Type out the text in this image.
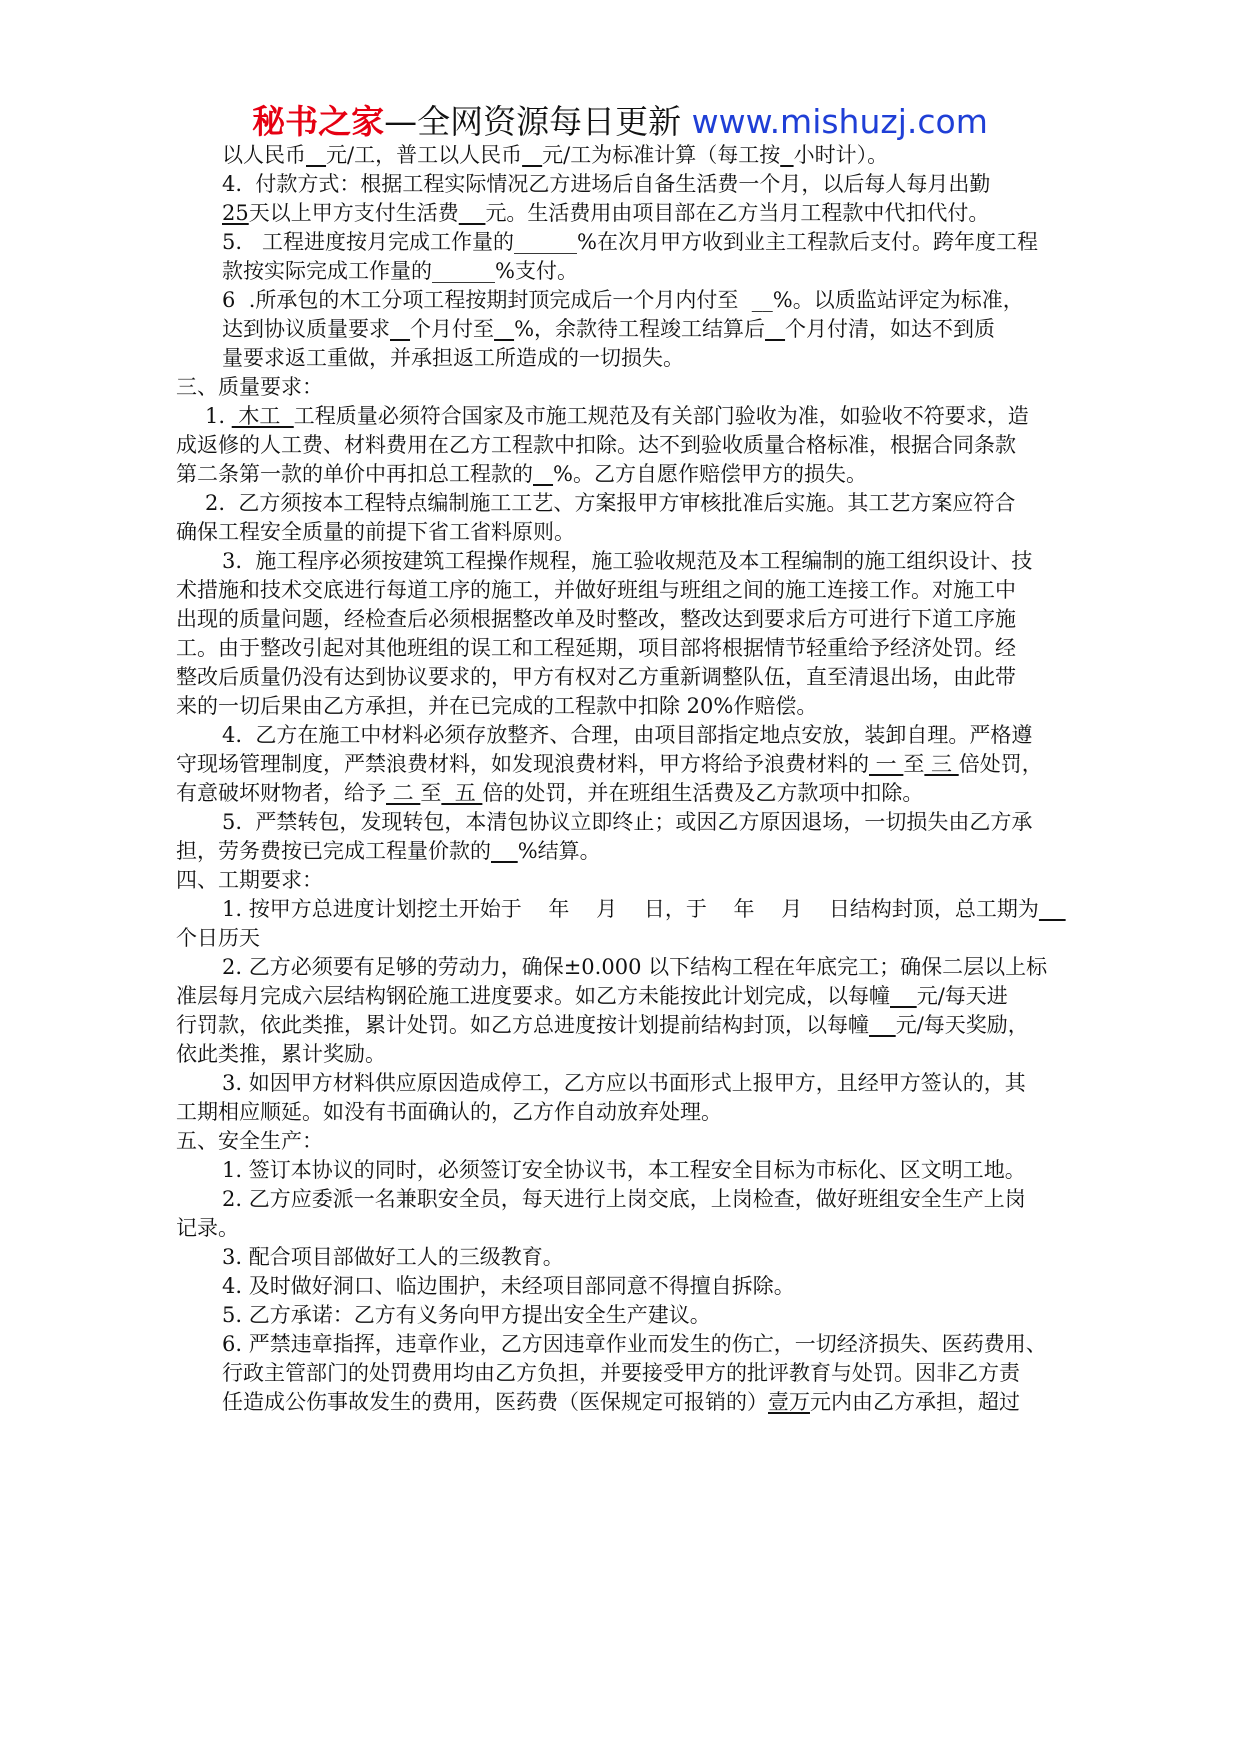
秘书之家—全网资源每日更新 www.mishuzj.com
以人民币 元/工，普工以人民币 元/工为标准计算（每工按 小时计）。
4.  付款方式：根据工程实际情况乙方进场后自备生活费一个月，以后每人每月出勤
25天以上甲方支付生活费 元。生活费用由项目部在乙方当月工程款中代扣代付。
5.   工程进度按月完成工作量的______%在次月甲方收到业主工程款后支付。跨年度工程
款按实际完成工作量的______%支付。
6  .所承包的木工分项工程按期封顶完成后一个月内付至  __%。以质监站评定为标准，
达到协议质量要求 个月付至 %，余款待工程竣工结算后 个月付清，如达不到质
量要求返工重做，并承担返工所造成的一切损失。
三、质量要求：
1.  木工  工程质量必须符合国家及市施工规范及有关部门验收为准，如验收不符要求，造
成返修的人工费、材料费用在乙方工程款中扣除。达不到验收质量合格标准，根据合同条款
第二条第一款的单价中再扣总工程款的 %。乙方自愿作赔偿甲方的损失。
2.  乙方须按本工程特点编制施工工艺、方案报甲方审核批准后实施。其工艺方案应符合
确保工程安全质量的前提下省工省料原则。
3.  施工程序必须按建筑工程操作规程，施工验收规范及本工程编制的施工组织设计、技
术措施和技术交底进行每道工序的施工，并做好班组与班组之间的施工连接工作。对施工中
出现的质量问题，经检查后必须根据整改单及时整改，整改达到要求后方可进行下道工序施
工。由于整改引起对其他班组的误工和工程延期，项目部将根据情节轻重给予经济处罚。经
整改后质量仍没有达到协议要求的，甲方有权对乙方重新调整队伍，直至清退出场，由此带
来的一切后果由乙方承担，并在已完成的工程款中扣除 20%作赔偿。
4.  乙方在施工中材料必须存放整齐、合理，由项目部指定地点安放，装卸自理。严格遵
守现场管理制度，严禁浪费材料，如发现浪费材料，甲方将给予浪费材料的 一 至 三 倍处罚，
有意破坏财物者，给予 二 至  五 倍的处罚，并在班组生活费及乙方款项中扣除。
5.  严禁转包，发现转包，本清包协议立即终止；或因乙方原因退场，一切损失由乙方承
担，劳务费按已完成工程量价款的 %结算。
四、工期要求：
1. 按甲方总进度计划挖土开始于    年    月    日，于    年    月    日结构封顶，总工期为
个日历天
2. 乙方必须要有足够的劳动力，确保±0.000 以下结构工程在年底完工；确保二层以上标
准层每月完成六层结构钢砼施工进度要求。如乙方未能按此计划完成，以每幢 元/每天进
行罚款，依此类推，累计处罚。如乙方总进度按计划提前结构封顶，以每幢 元/每天奖励，
依此类推，累计奖励。
3. 如因甲方材料供应原因造成停工，乙方应以书面形式上报甲方，且经甲方签认的，其
工期相应顺延。如没有书面确认的，乙方作自动放弃处理。
五、安全生产：
1. 签订本协议的同时，必须签订安全协议书，本工程安全目标为市标化、区文明工地。
2. 乙方应委派一名兼职安全员，每天进行上岗交底，上岗检查，做好班组安全生产上岗
记录。
3. 配合项目部做好工人的三级教育。
4. 及时做好洞口、临边围护，未经项目部同意不得擅自拆除。
5. 乙方承诺：乙方有义务向甲方提出安全生产建议。
6. 严禁违章指挥，违章作业，乙方因违章作业而发生的伤亡，一切经济损失、医药费用、
行政主管部门的处罚费用均由乙方负担，并要接受甲方的批评教育与处罚。因非乙方责
任造成公伤事故发生的费用，医药费（医保规定可报销的）壹万元内由乙方承担，超过
